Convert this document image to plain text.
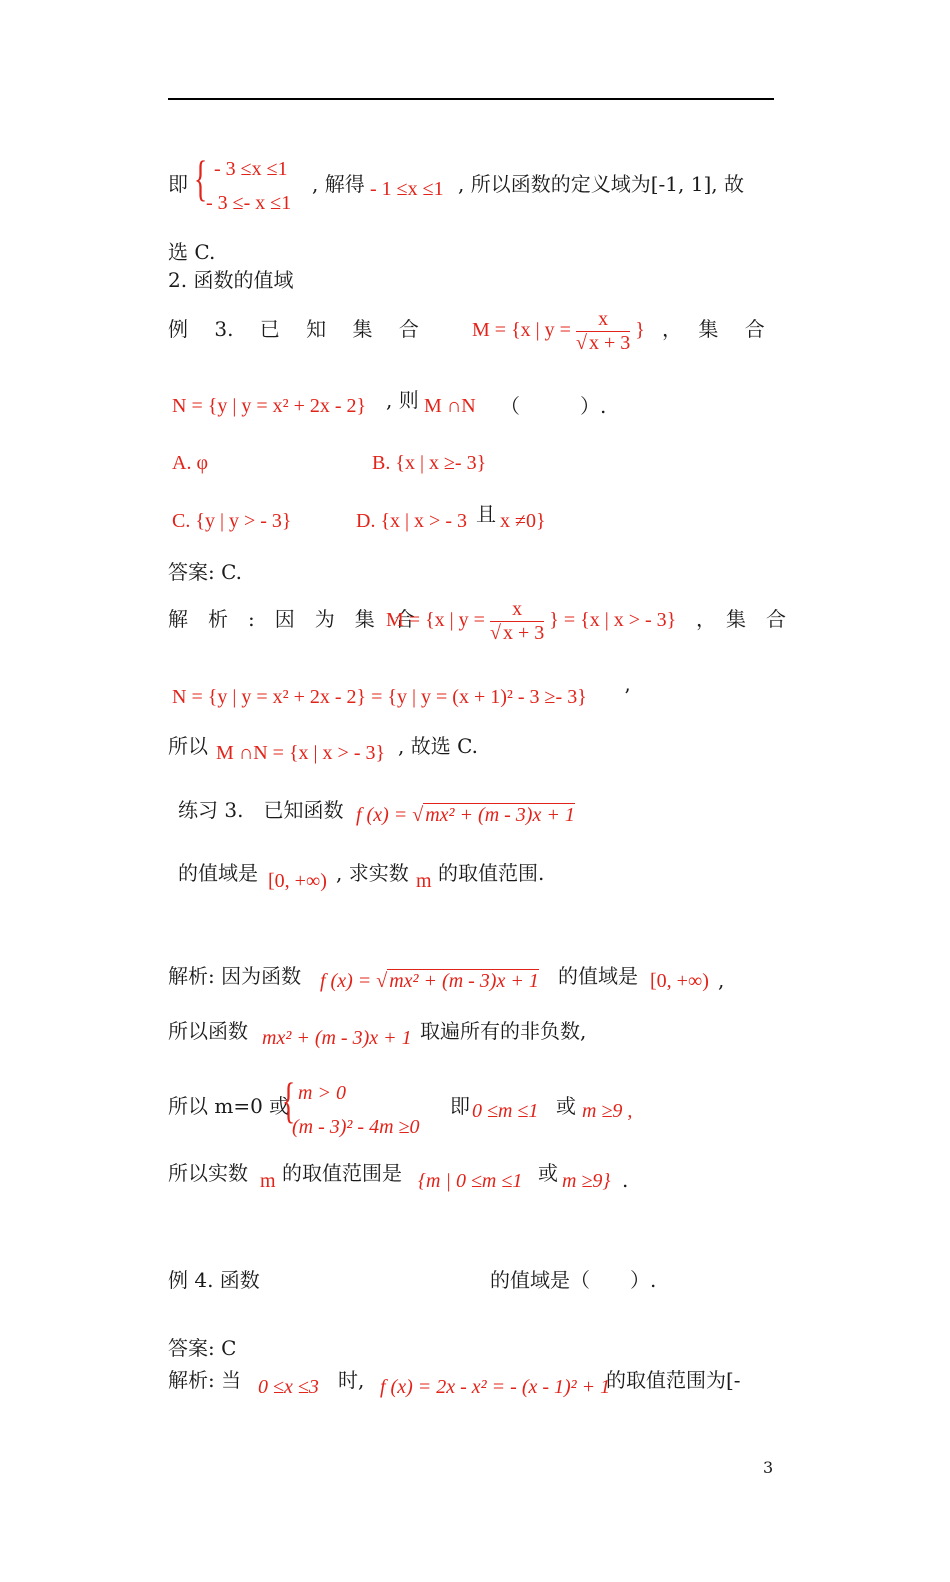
即 { - 3 ≤x ≤1
- 3 ≤- x ≤1
, 解得 - 1 ≤x ≤1 , 所以函数的定义域为[-1, 1], 故
选 C.
2. 函数的值域
例　 3.　 已　 知　 集　 合	M = {x | $y = \frac{x}{√ x + 3}$ } ，　 集　 合
N = {y | y = x² + 2x - 2} , 则 M ∩N （　　　）.
A. φ	B. {x | x ≥- 3}
C. {y | y > - 3}	D. {x | x > - 3 且 x ≠0}
答案: C.
解　析　:　因　为　集　合
M = {x | $y = \frac{x}{√ x + 3}$ } = {x | x > - 3} ，　集　合
N = {y | y = x² + 2x - 2} = {y | y = (x + 1)² - 3 ≥- 3} ’
所以 M ∩N = {x | x > - 3} , 故选 C.
练习 3.　已知函数 f (x) = √ mx² + (m - 3)x + 1
的值域是 [0, +∞) , 求实数 m 的取值范围.
解析: 因为函数 f (x) = √ mx² + (m - 3)x + 1 的值域是 [0, +∞) ,
所以函数 mx² + (m - 3)x + 1 取遍所有的非负数,
所以 m=0 或
{ m > 0
(m - 3)² - 4m ≥0
即 0 ≤m ≤1 或 m ≥9 ,
所以实数 m 的取值范围是 {m | 0 ≤m ≤1 或 m ≥9} .
例 4. 函数	的值域是（　　）.
答案: C
解析: 当 0 ≤x ≤3 时, f (x) = 2x - x² = - (x - 1)² + 1
的取值范围为[-
3
